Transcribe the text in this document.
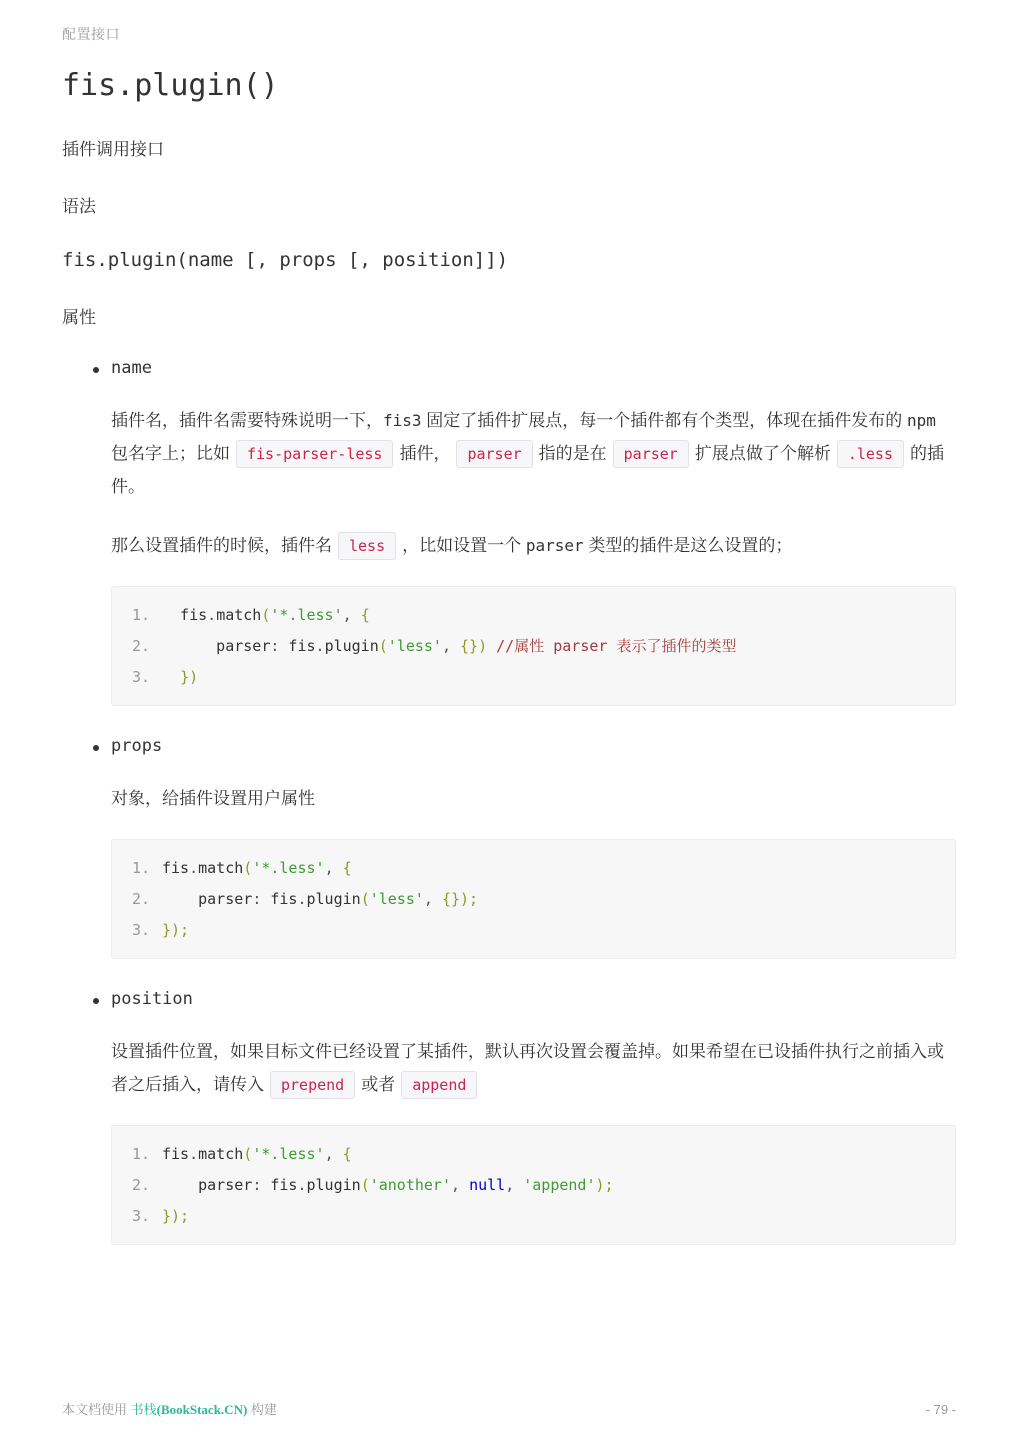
配置接口
fis.plugin()
插件调用接口
语法
fis.plugin(name [, props [, position]])
属性
name
插件名，插件名需要特殊说明一下，fis3 固定了插件扩展点，每一个插件都有个类型，体现在插件发布的 npm 包名字上；比如 fis-parser-less 插件， parser 指的是在 parser 扩展点做了个解析 .less 的插件。
那么设置插件的时候，插件名 less ，比如设置一个 parser 类型的插件是这么设置的；
1.  fis.match('*.less', {
2.      parser: fis.plugin('less', {}) //属性 parser 表示了插件的类型
3. })
props
对象，给插件设置用户属性
1. fis.match('*.less', {
2.    parser: fis.plugin('less', {});
3. });
position
设置插件位置，如果目标文件已经设置了某插件，默认再次设置会覆盖掉。如果希望在已设插件执行之前插入或者之后插入，请传入 prepend 或者 append
1. fis.match('*.less', {
2.    parser: fis.plugin('another', null, 'append');
3. });
本文档使用 书栈(BookStack.CN) 构建	- 79 -
